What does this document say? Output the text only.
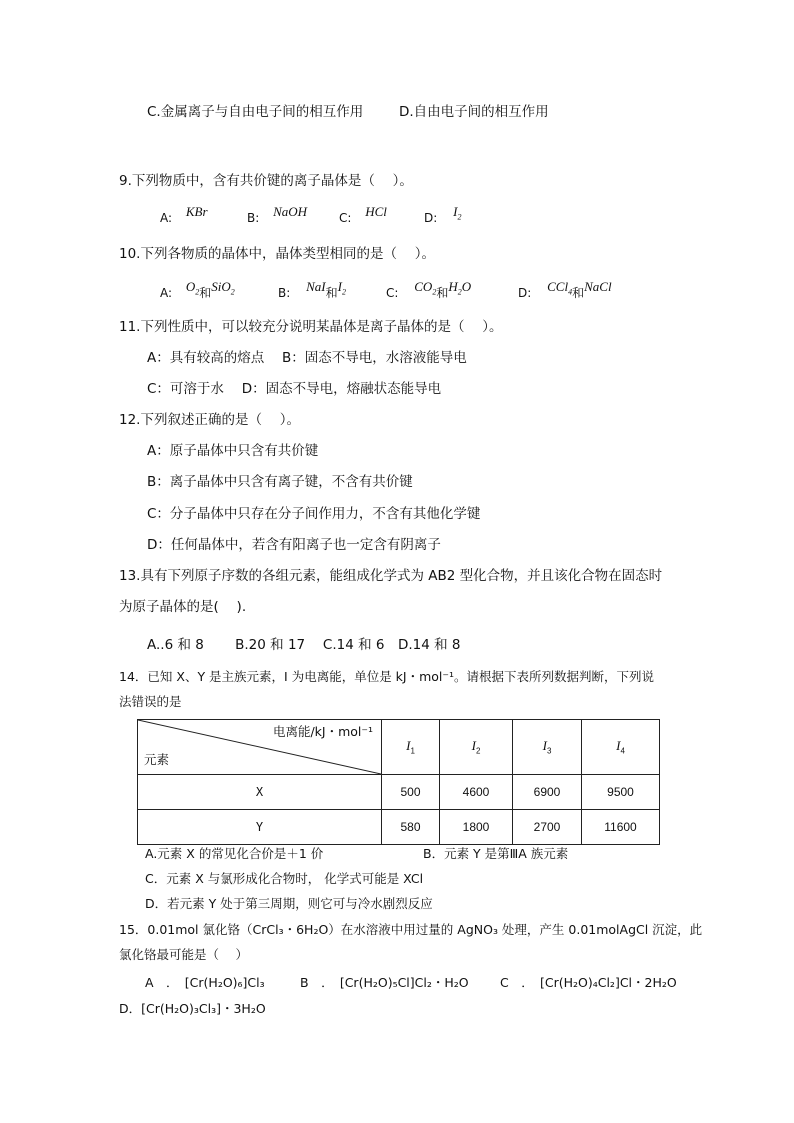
C.金属离子与自由电子间的相互作用	D.自由电子间的相互作用
9.下列物质中，含有共价键的离子晶体是（　 ）。
A: KBr	B: NaOH	C: HCl	D: $I_2$
10.下列各物质的晶体中，晶体类型相同的是（　 ）。
A: $O_2$和SiO$_2$	B: NaI和$I_2$	C: $CO_2$和$H_2O$	D: CCl$_4$和NaCl
11.下列性质中，可以较充分说明某晶体是离子晶体的是（　 ）。
A：具有较高的熔点　 B：固态不导电，水溶液能导电
C：可溶于水　 D：固态不导电，熔融状态能导电
12.下列叙述正确的是（　 ）。
A：原子晶体中只含有共价键
B：离子晶体中只含有离子键，不含有共价键
C：分子晶体中只存在分子间作用力，不含有其他化学键
D：任何晶体中，若含有阳离子也一定含有阴离子
13.具有下列原子序数的各组元素，能组成化学式为 AB2 型化合物，并且该化合物在固态时
为原子晶体的是(　 ).
A..6 和 8　　 B.20 和 17　 C.14 和 6　D.14 和 8
14．已知 X、Y 是主族元素，I 为电离能，单位是 kJ・mol⁻¹。请根据下表所列数据判断，下列说
法错误的是
电离能/kJ・mol⁻¹
元素	$I_1$	$I_2$	$I_3$	$I_4$
X	500	4600	6900	9500
Y	580	1800	2700	11600
A.元素 X 的常见化合价是＋1 价	B．元素 Y 是第ⅢA 族元素
C．元素 X 与氯形成化合物时， 化学式可能是 XCl
D．若元素 Y 处于第三周期，则它可与冷水剧烈反应
15．0.01mol 氯化铬（CrCl₃・6H₂O）在水溶液中用过量的 AgNO₃ 处理，产生 0.01molAgCl 沉淀，此
氯化铬最可能是（　 ）
A　．　[Cr(H₂O)₆]Cl₃	B　．　[Cr(H₂O)₅Cl]Cl₂・H₂O	C　．　[Cr(H₂O)₄Cl₂]Cl・2H₂O
D．[Cr(H₂O)₃Cl₃]・3H₂O
